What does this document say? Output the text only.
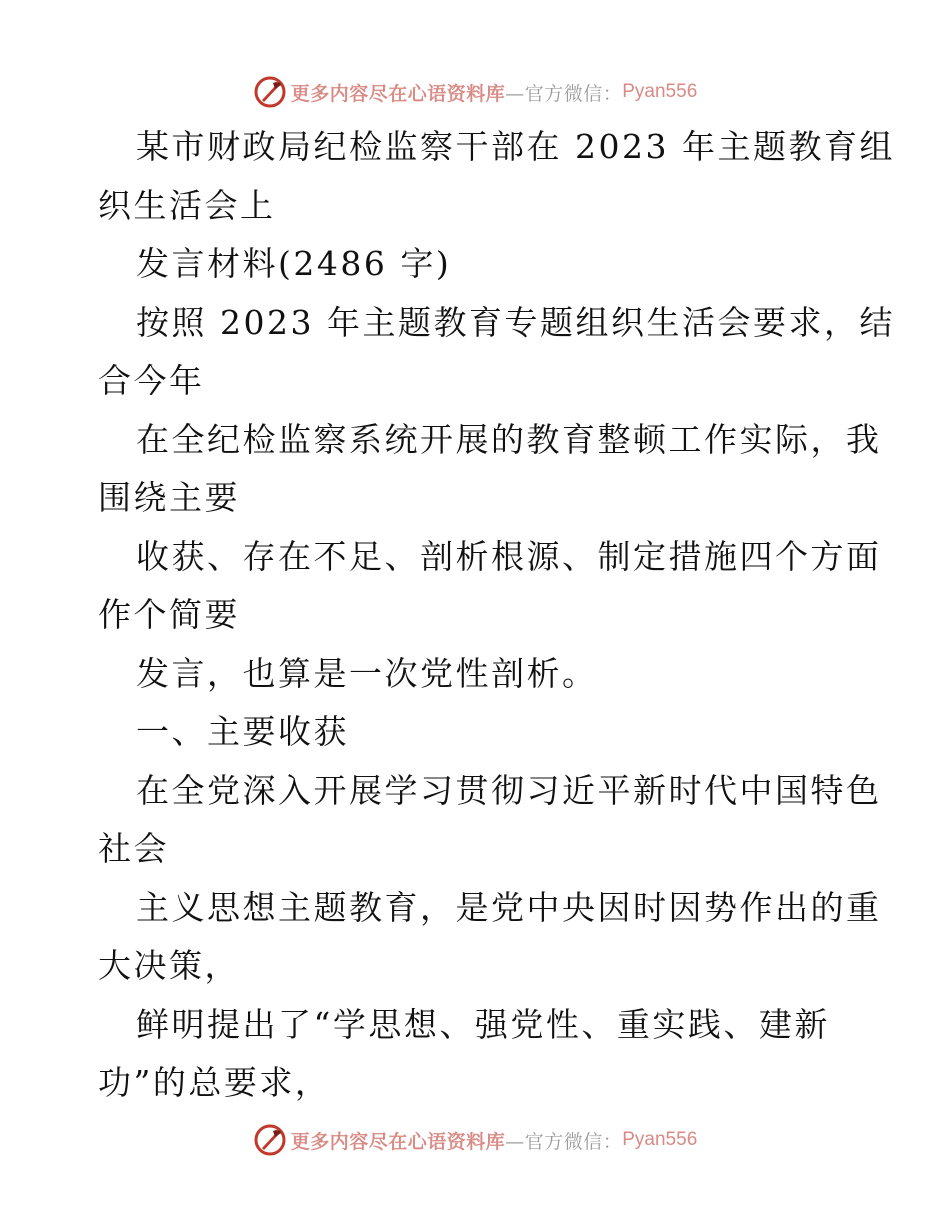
更多内容尽在心语资料库 —官方微信： Pyan556
某市财政局纪检监察干部在 2023 年主题教育组
织生活会上
发言材料(2486 字)
按照 2023 年主题教育专题组织生活会要求，结
合今年
在全纪检监察系统开展的教育整顿工作实际，我
围绕主要
收获、存在不足、剖析根源、制定措施四个方面
作个简要
发言，也算是一次党性剖析。
一、主要收获
在全党深入开展学习贯彻习近平新时代中国特色
社会
主义思想主题教育，是党中央因时因势作出的重
大决策，
鲜明提出了“学思想、强党性、重实践、建新
功”的总要求，
更多内容尽在心语资料库 —官方微信： Pyan556
